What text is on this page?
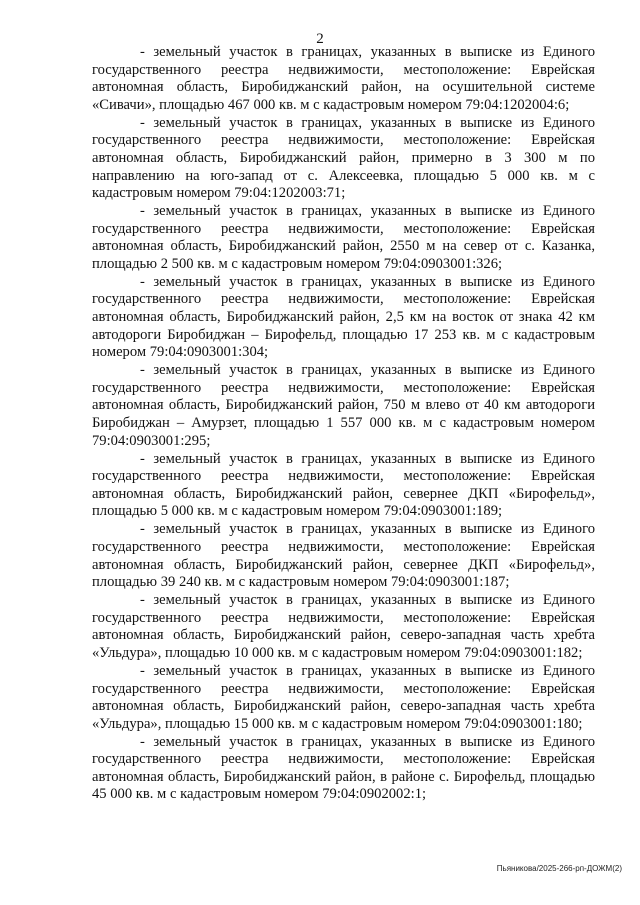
2

- земельный участок в границах, указанных в выписке из Единого государственного реестра недвижимости, местоположение: Еврейская автономная область, Биробиджанский район, на осушительной системе «Сивачи», площадью 467 000 кв. м с кадастровым номером 79:04:1202004:6;

- земельный участок в границах, указанных в выписке из Единого государственного реестра недвижимости, местоположение: Еврейская автономная область, Биробиджанский район, примерно в 3 300 м по направлению на юго-запад от с. Алексеевка, площадью 5 000 кв. м с кадастровым номером 79:04:1202003:71;

- земельный участок в границах, указанных в выписке из Единого государственного реестра недвижимости, местоположение: Еврейская автономная область, Биробиджанский район, 2550 м на север от с. Казанка, площадью 2 500 кв. м с кадастровым номером 79:04:0903001:326;

- земельный участок в границах, указанных в выписке из Единого государственного реестра недвижимости, местоположение: Еврейская автономная область, Биробиджанский район, 2,5 км на восток от знака 42 км автодороги Биробиджан – Бирофельд, площадью 17 253 кв. м с кадастровым номером 79:04:0903001:304;

- земельный участок в границах, указанных в выписке из Единого государственного реестра недвижимости, местоположение: Еврейская автономная область, Биробиджанский район, 750 м влево от 40 км автодороги Биробиджан – Амурзет, площадью 1 557 000 кв. м с кадастровым номером 79:04:0903001:295;

- земельный участок в границах, указанных в выписке из Единого государственного реестра недвижимости, местоположение: Еврейская автономная область, Биробиджанский район, севернее ДКП «Бирофельд», площадью 5 000 кв. м с кадастровым номером 79:04:0903001:189;

- земельный участок в границах, указанных в выписке из Единого государственного реестра недвижимости, местоположение: Еврейская автономная область, Биробиджанский район, севернее ДКП «Бирофельд», площадью 39 240 кв. м с кадастровым номером 79:04:0903001:187;

- земельный участок в границах, указанных в выписке из Единого государственного реестра недвижимости, местоположение: Еврейская автономная область, Биробиджанский район, северо-западная часть хребта «Ульдура», площадью 10 000 кв. м с кадастровым номером 79:04:0903001:182;

- земельный участок в границах, указанных в выписке из Единого государственного реестра недвижимости, местоположение: Еврейская автономная область, Биробиджанский район, северо-западная часть хребта «Ульдура», площадью 15 000 кв. м с кадастровым номером 79:04:0903001:180;

- земельный участок в границах, указанных в выписке из Единого государственного реестра недвижимости, местоположение: Еврейская автономная область, Биробиджанский район, в районе с. Бирофельд, площадью 45 000 кв. м с кадастровым номером 79:04:0902002:1;

Пьяникова/2025-266-рп-ДОЖМ(2)
